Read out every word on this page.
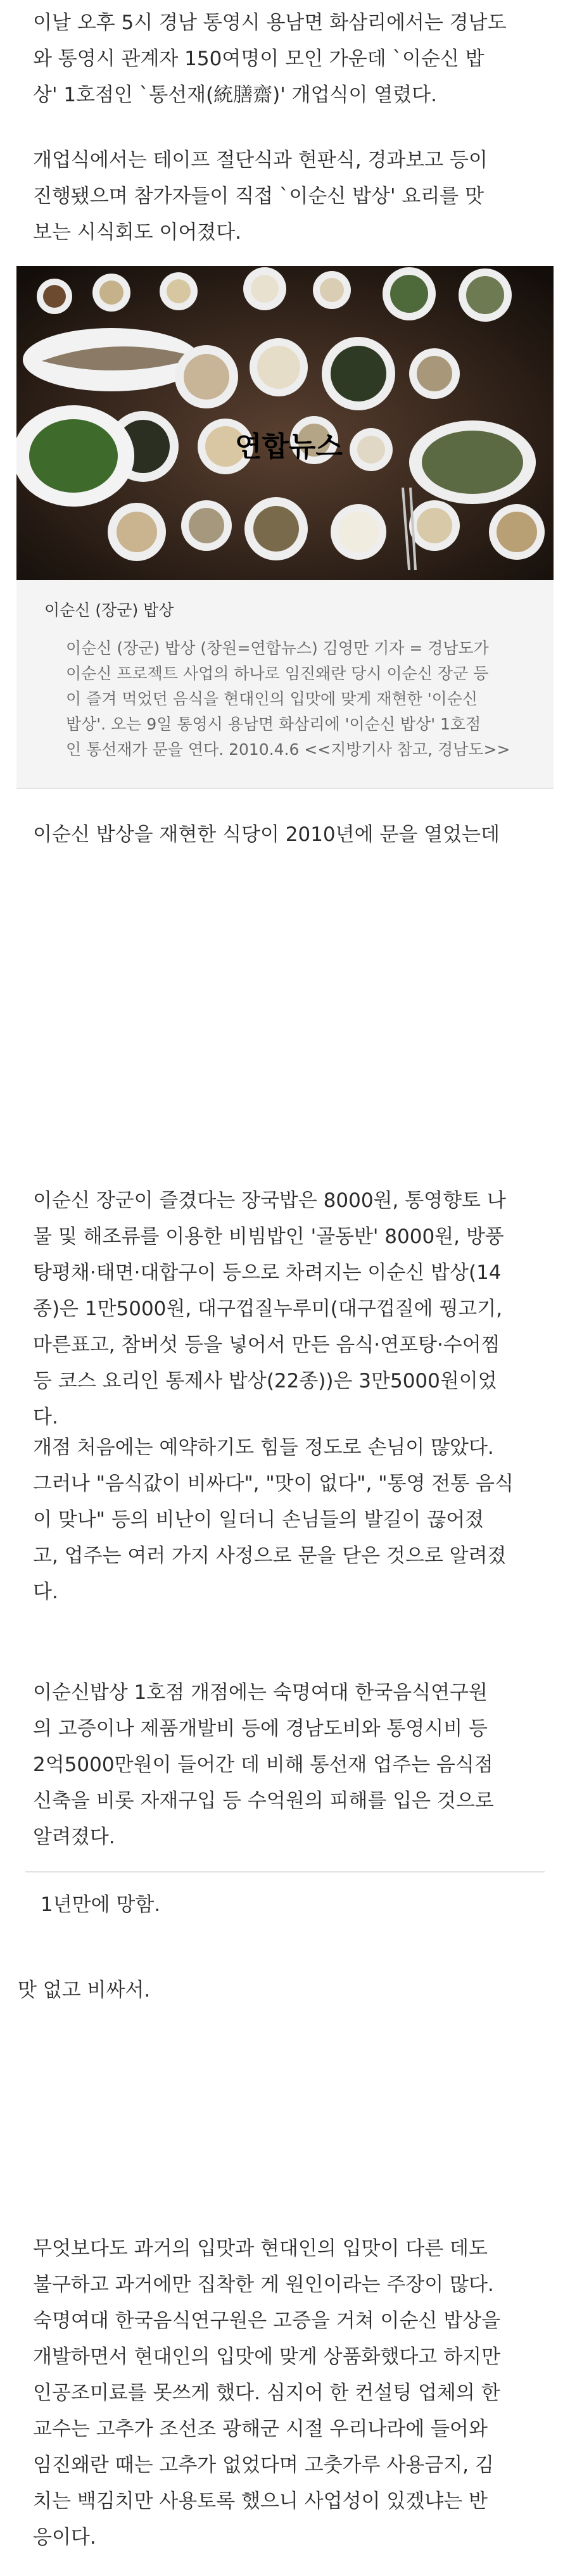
이날 오후 5시 경남 통영시 용남면 화삼리에서는 경남도
와 통영시 관계자 150여명이 모인 가운데 `이순신 밥
상' 1호점인 `통선재(統膳齋)' 개업식이 열렸다.

개업식에서는 테이프 절단식과 현판식, 경과보고 등이
진행됐으며 참가자들이 직접 `이순신 밥상' 요리를 맛
보는 시식회도 이어졌다.

연합뉴스

이순신 (장군) 밥상

이순신 (장군) 밥상 (창원=연합뉴스) 김영만 기자 = 경남도가
이순신 프로젝트 사업의 하나로 임진왜란 당시 이순신 장군 등
이 즐겨 먹었던 음식을 현대인의 입맛에 맞게 재현한 '이순신
밥상'. 오는 9일 통영시 용남면 화삼리에 '이순신 밥상' 1호점
인 통선재가 문을 연다. 2010.4.6 <<지방기사 참고, 경남도>>

이순신 밥상을 재현한 식당이 2010년에 문을 열었는데

이순신 장군이 즐겼다는 장국밥은 8000원, 통영향토 나
물 및 해조류를 이용한 비빔밥인 '골동반' 8000원, 방풍
탕평채·태면·대합구이 등으로 차려지는 이순신 밥상(14
종)은 1만5000원, 대구껍질누루미(대구껍질에 꿩고기,
마른표고, 참버섯 등을 넣어서 만든 음식·연포탕·수어찜
등 코스 요리인 통제사 밥상(22종))은 3만5000원이었
다.

개점 처음에는 예약하기도 힘들 정도로 손님이 많았다.
그러나 "음식값이 비싸다", "맛이 없다", "통영 전통 음식
이 맞나" 등의 비난이 일더니 손님들의 발길이 끊어졌
고, 업주는 여러 가지 사정으로 문을 닫은 것으로 알려졌
다.

이순신밥상 1호점 개점에는 숙명여대 한국음식연구원
의 고증이나 제품개발비 등에 경남도비와 통영시비 등
2억5000만원이 들어간 데 비해 통선재 업주는 음식점
신축을 비롯 자재구입 등 수억원의 피해를 입은 것으로
알려졌다.

1년만에 망함.

맛 없고 비싸서.

무엇보다도 과거의 입맛과 현대인의 입맛이 다른 데도
불구하고 과거에만 집착한 게 원인이라는 주장이 많다.
숙명여대 한국음식연구원은 고증을 거쳐 이순신 밥상을
개발하면서 현대인의 입맛에 맞게 상품화했다고 하지만
인공조미료를 못쓰게 했다. 심지어 한 컨설팅 업체의 한
교수는 고추가 조선조 광해군 시절 우리나라에 들어와
임진왜란 때는 고추가 없었다며 고춧가루 사용금지, 김
치는 백김치만 사용토록 했으니 사업성이 있겠냐는 반
응이다.
